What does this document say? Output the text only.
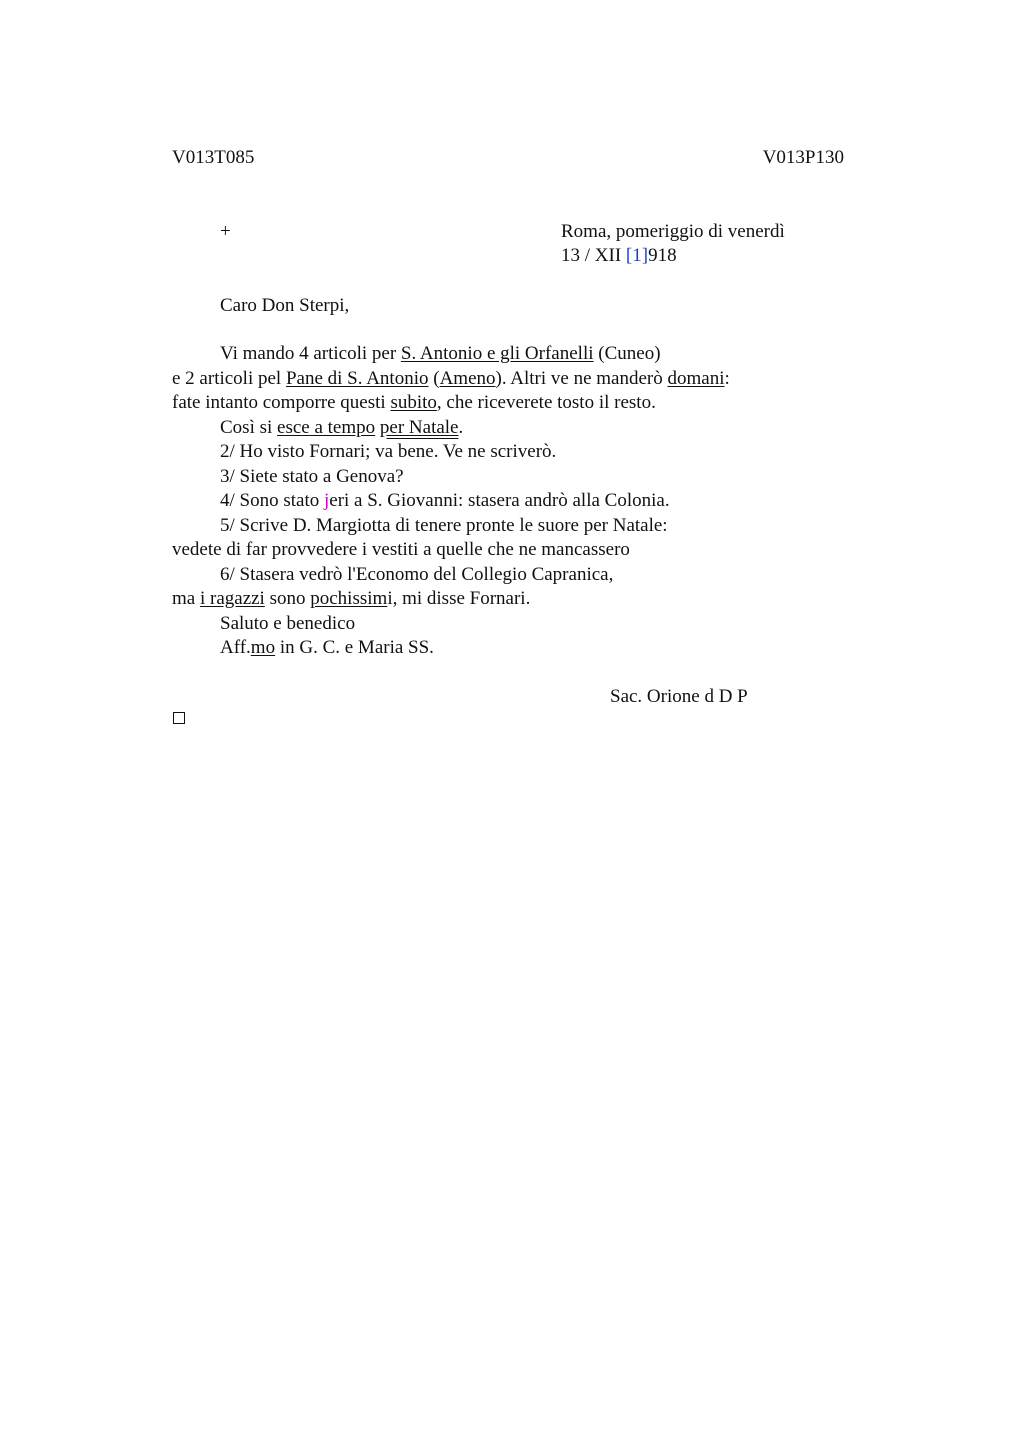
V013T085	V013P130
+	Roma, pomeriggio di venerdì
13 / XII [1]918
Caro Don Sterpi,
Vi mando 4 articoli per S. Antonio e gli Orfanelli (Cuneo)
e 2 articoli pel Pane di S. Antonio (Ameno). Altri ve ne manderò domani:
fate intanto comporre questi subito, che riceverete tosto il resto.
Così si esce a tempo per Natale.
2/ Ho visto Fornari; va bene. Ve ne scriverò.
3/ Siete stato a Genova?
4/ Sono stato jeri a S. Giovanni: stasera andrò alla Colonia.
5/ Scrive D. Margiotta di tenere pronte le suore per Natale:
vedete di far provvedere i vestiti a quelle che ne mancassero
6/ Stasera vedrò l'Economo del Collegio Capranica,
ma i ragazzi sono pochissimi, mi disse Fornari.
Saluto e benedico
Aff.mo in G. C. e Maria SS.
Sac. Orione d D P
